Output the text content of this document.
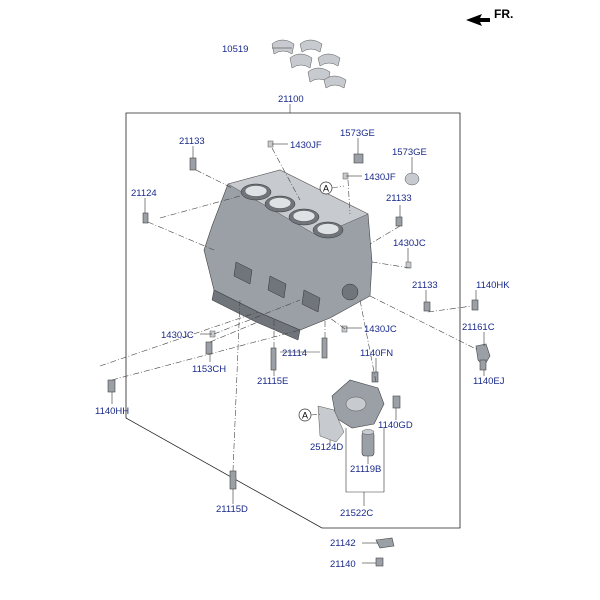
FR.
A
A
10519
21100
21133	1430JF
1573GE
1573GE
1430JF
21124	21133
1430JC
21133	1140HK
21161C
1430JC
1430JC
1153CH
21114	1140FN
21115E	1140EJ
1140HH
1140GD
25124D
21119B
21115D	21522C
21142
21140
